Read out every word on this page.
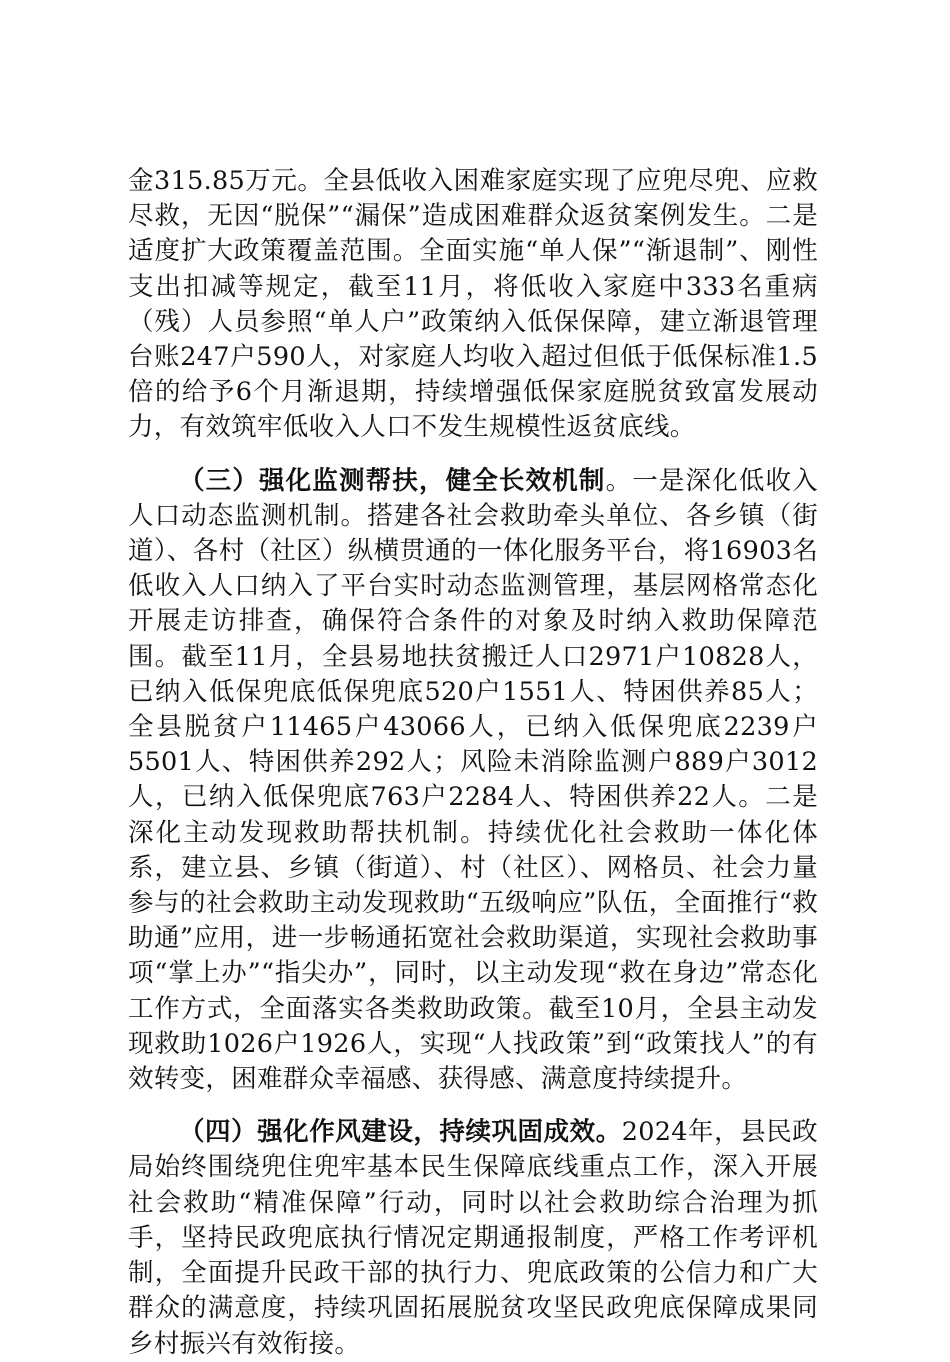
金315.85万元。全县低收入困难家庭实现了应兜尽兜、应救尽救，无因“脱保”“漏保”造成困难群众返贫案例发生。二是适度扩大政策覆盖范围。全面实施“单人保”“渐退制”、刚性支出扣减等规定，截至11月，将低收入家庭中333名重病（残）人员参照“单人户”政策纳入低保保障，建立渐退管理台账247户590人，对家庭人均收入超过但低于低保标准1.5倍的给予6个月渐退期，持续增强低保家庭脱贫致富发展动力，有效筑牢低收入人口不发生规模性返贫底线。

（三）强化监测帮扶，健全长效机制。一是深化低收入人口动态监测机制。搭建各社会救助牵头单位、各乡镇（街道）、各村（社区）纵横贯通的一体化服务平台，将16903名低收入人口纳入了平台实时动态监测管理，基层网格常态化开展走访排查，确保符合条件的对象及时纳入救助保障范围。截至11月，全县易地扶贫搬迁人口2971户10828人，已纳入低保兜底低保兜底520户1551人、特困供养85人；全县脱贫户11465户43066人，已纳入低保兜底2239户5501人、特困供养292人；风险未消除监测户889户3012人，已纳入低保兜底763户2284人、特困供养22人。二是深化主动发现救助帮扶机制。持续优化社会救助一体化体系，建立县、乡镇（街道）、村（社区）、网格员、社会力量参与的社会救助主动发现救助“五级响应”队伍，全面推行“救助通”应用，进一步畅通拓宽社会救助渠道，实现社会救助事项“掌上办”“指尖办”，同时，以主动发现“救在身边”常态化工作方式，全面落实各类救助政策。截至10月，全县主动发现救助1026户1926人，实现“人找政策”到“政策找人”的有效转变，困难群众幸福感、获得感、满意度持续提升。

（四）强化作风建设，持续巩固成效。2024年，县民政局始终围绕兜住兜牢基本民生保障底线重点工作，深入开展社会救助“精准保障”行动，同时以社会救助综合治理为抓手，坚持民政兜底执行情况定期通报制度，严格工作考评机制，全面提升民政干部的执行力、兜底政策的公信力和广大群众的满意度，持续巩固拓展脱贫攻坚民政兜底保障成果同乡村振兴有效衔接。
